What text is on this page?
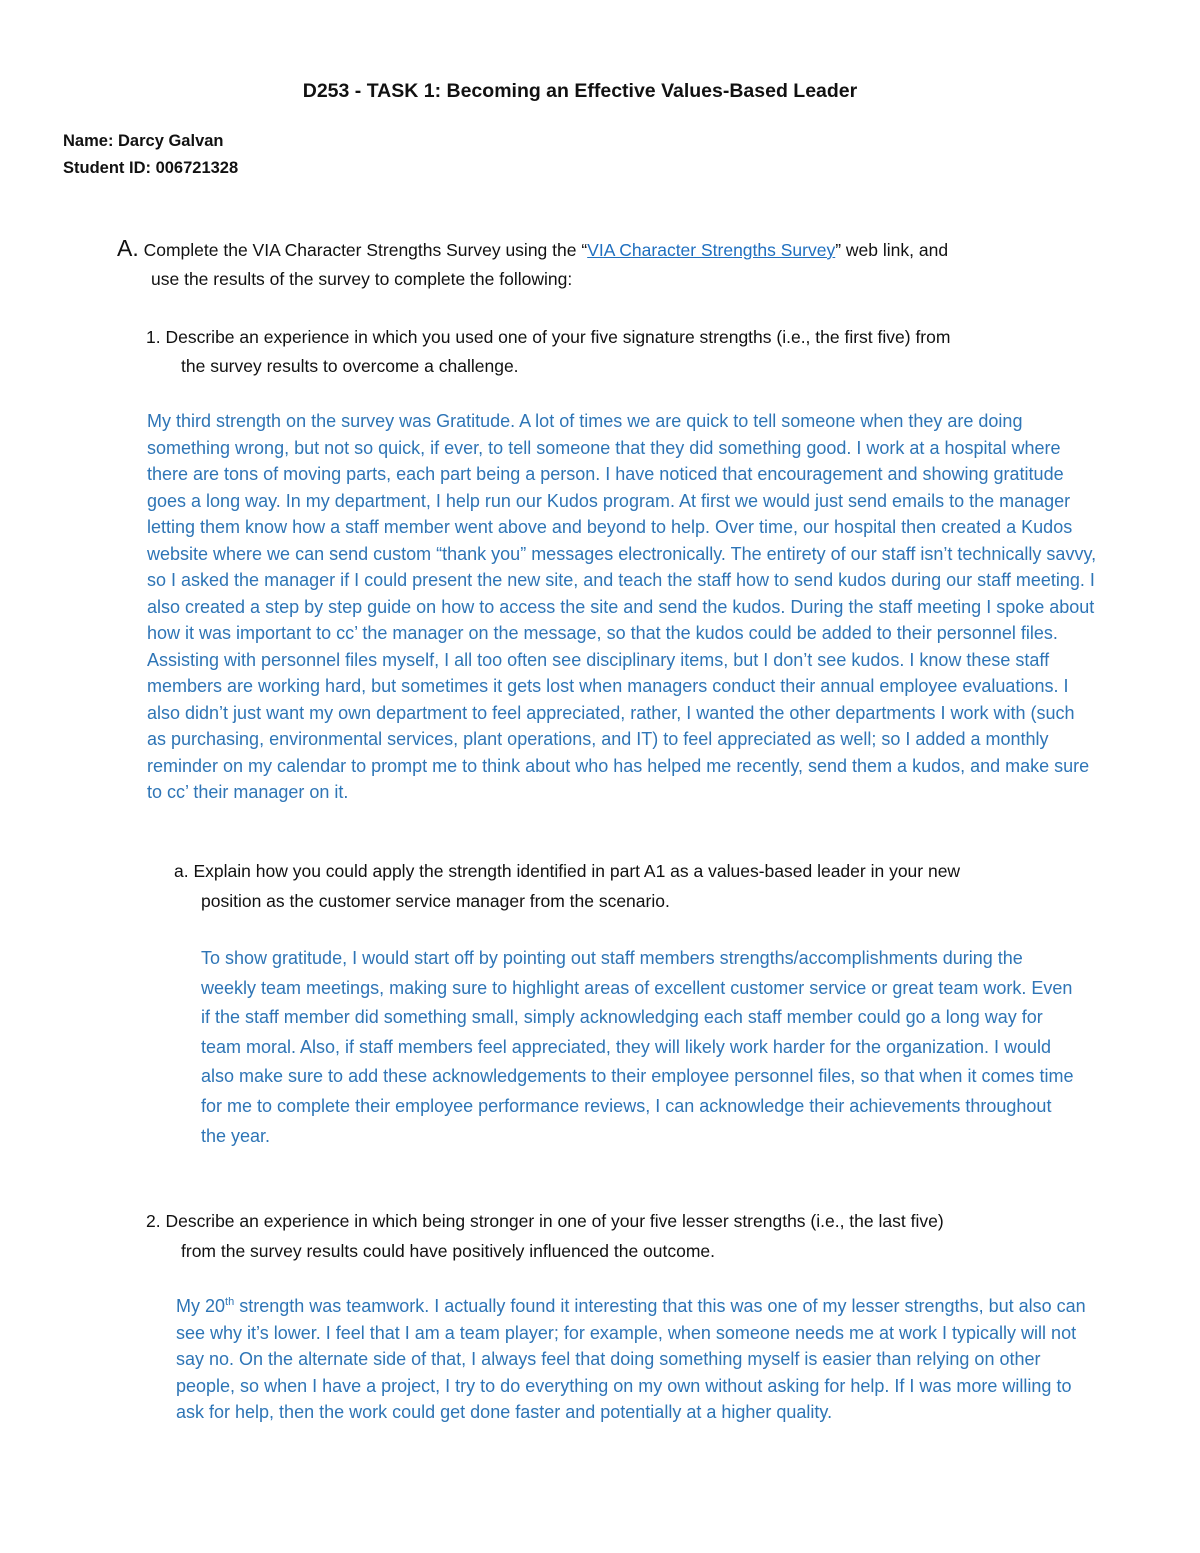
D253 - TASK 1: Becoming an Effective Values-Based Leader
Name: Darcy Galvan
Student ID: 006721328
A. Complete the VIA Character Strengths Survey using the “VIA Character Strengths Survey” web link, and
use the results of the survey to complete the following:
1. Describe an experience in which you used one of your five signature strengths (i.e., the first five) from
the survey results to overcome a challenge.

My third strength on the survey was Gratitude. A lot of times we are quick to tell someone when they are doing something wrong, but not so quick, if ever, to tell someone that they did something good. I work at a hospital where there are tons of moving parts, each part being a person. I have noticed that encouragement and showing gratitude goes a long way. In my department, I help run our Kudos program. At first we would just send emails to the manager letting them know how a staff member went above and beyond to help. Over time, our hospital then created a Kudos website where we can send custom “thank you” messages electronically. The entirety of our staff isn’t technically savvy, so I asked the manager if I could present the new site, and teach the staff how to send kudos during our staff meeting. I also created a step by step guide on how to access the site and send the kudos. During the staff meeting I spoke about how it was important to cc’ the manager on the message, so that the kudos could be added to their personnel files. Assisting with personnel files myself, I all too often see disciplinary items, but I don’t see kudos. I know these staff members are working hard, but sometimes it gets lost when managers conduct their annual employee evaluations. I also didn’t just want my own department to feel appreciated, rather, I wanted the other departments I work with (such as purchasing, environmental services, plant operations, and IT) to feel appreciated as well; so I added a monthly reminder on my calendar to prompt me to think about who has helped me recently, send them a kudos, and make sure to cc’ their manager on it.

a. Explain how you could apply the strength identified in part A1 as a values-based leader in your new
position as the customer service manager from the scenario.

To show gratitude, I would start off by pointing out staff members strengths/accomplishments during the weekly team meetings, making sure to highlight areas of excellent customer service or great team work. Even if the staff member did something small, simply acknowledging each staff member could go a long way for team moral. Also, if staff members feel appreciated, they will likely work harder for the organization. I would also make sure to add these acknowledgements to their employee personnel files, so that when it comes time for me to complete their employee performance reviews, I can acknowledge their achievements throughout the year.

2. Describe an experience in which being stronger in one of your five lesser strengths (i.e., the last five)
from the survey results could have positively influenced the outcome.

My 20th strength was teamwork. I actually found it interesting that this was one of my lesser strengths, but also can see why it’s lower. I feel that I am a team player; for example, when someone needs me at work I typically will not say no. On the alternate side of that, I always feel that doing something myself is easier than relying on other people, so when I have a project, I try to do everything on my own without asking for help. If I was more willing to ask for help, then the work could get done faster and potentially at a higher quality.
